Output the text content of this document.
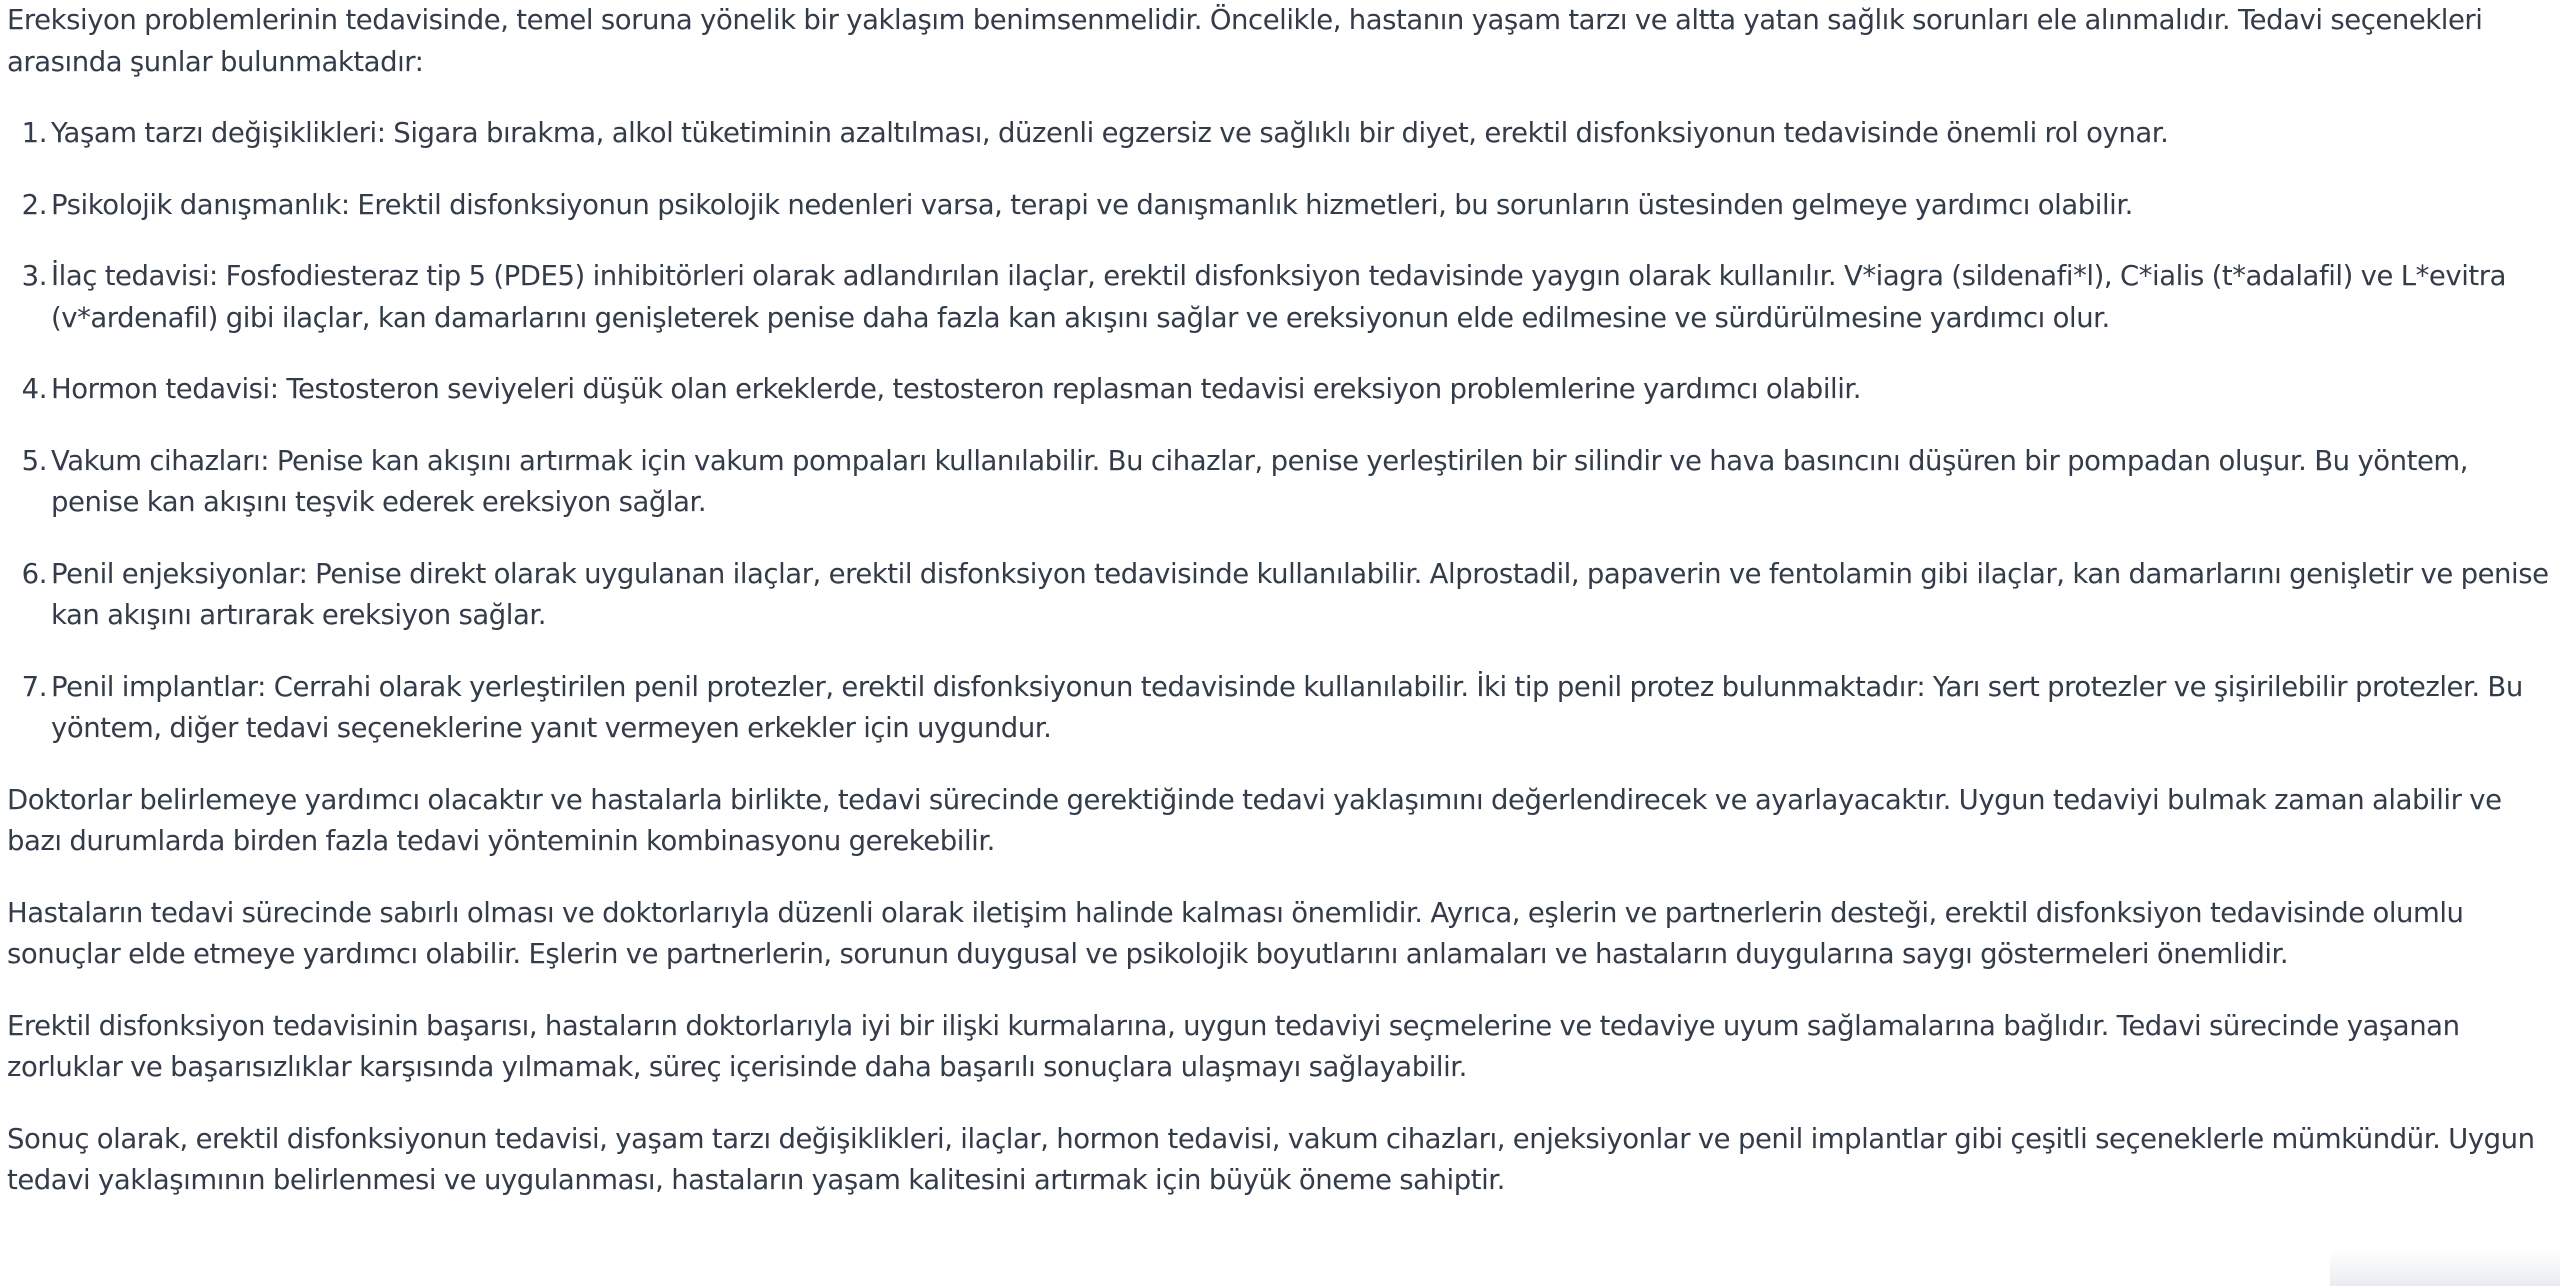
Ereksiyon problemlerinin tedavisinde, temel soruna yönelik bir yaklaşım benimsenmelidir. Öncelikle, hastanın yaşam tarzı ve altta yatan sağlık sorunları ele alınmalıdır. Tedavi seçenekleri arasında şunlar bulunmaktadır:

1 . Yaşam tarzı değişiklikleri: Sigara bırakma, alkol tüketiminin azaltılması, düzenli egzersiz ve sağlıklı bir diyet, erektil disfonksiyonun tedavisinde önemli rol oynar.
2 . Psikolojik danışmanlık: Erektil disfonksiyonun psikolojik nedenleri varsa, terapi ve danışmanlık hizmetleri, bu sorunların üstesinden gelmeye yardımcı olabilir.
3 . İlaç tedavisi: Fosfodiesteraz tip 5 (PDE5) inhibitörleri olarak adlandırılan ilaçlar, erektil disfonksiyon tedavisinde yaygın olarak kullanılır. V*iagra (sildenafi*l), C*ialis (t*adalafil) ve L*evitra (v*ardenafil) gibi ilaçlar, kan damarlarını genişleterek penise daha fazla kan akışını sağlar ve ereksiyonun elde edilmesine ve sürdürülmesine yardımcı olur.
4 . Hormon tedavisi: Testosteron seviyeleri düşük olan erkeklerde, testosteron replasman tedavisi ereksiyon problemlerine yardımcı olabilir.
5 . Vakum cihazları: Penise kan akışını artırmak için vakum pompaları kullanılabilir. Bu cihazlar, penise yerleştirilen bir silindir ve hava basıncını düşüren bir pompadan oluşur. Bu yöntem, penise kan akışını teşvik ederek ereksiyon sağlar.
6 . Penil enjeksiyonlar: Penise direkt olarak uygulanan ilaçlar, erektil disfonksiyon tedavisinde kullanılabilir. Alprostadil, papaverin ve fentolamin gibi ilaçlar, kan damarlarını genişletir ve penise kan akışını artırarak ereksiyon sağlar.
7 . Penil implantlar: Cerrahi olarak yerleştirilen penil protezler, erektil disfonksiyonun tedavisinde kullanılabilir. İki tip penil protez bulunmaktadır: Yarı sert protezler ve şişirilebilir protezler. Bu yöntem, diğer tedavi seçeneklerine yanıt vermeyen erkekler için uygundur.

Doktorlar belirlemeye yardımcı olacaktır ve hastalarla birlikte, tedavi sürecinde gerektiğinde tedavi yaklaşımını değerlendirecek ve ayarlayacaktır. Uygun tedaviyi bulmak zaman alabilir ve bazı durumlarda birden fazla tedavi yönteminin kombinasyonu gerekebilir.

Hastaların tedavi sürecinde sabırlı olması ve doktorlarıyla düzenli olarak iletişim halinde kalması önemlidir. Ayrıca, eşlerin ve partnerlerin desteği, erektil disfonksiyon tedavisinde olumlu sonuçlar elde etmeye yardımcı olabilir. Eşlerin ve partnerlerin, sorunun duygusal ve psikolojik boyutlarını anlamaları ve hastaların duygularına saygı göstermeleri önemlidir.

Erektil disfonksiyon tedavisinin başarısı, hastaların doktorlarıyla iyi bir ilişki kurmalarına, uygun tedaviyi seçmelerine ve tedaviye uyum sağlamalarına bağlıdır. Tedavi sürecinde yaşanan zorluklar ve başarısızlıklar karşısında yılmamak, süreç içerisinde daha başarılı sonuçlara ulaşmayı sağlayabilir.

Sonuç olarak, erektil disfonksiyonun tedavisi, yaşam tarzı değişiklikleri, ilaçlar, hormon tedavisi, vakum cihazları, enjeksiyonlar ve penil implantlar gibi çeşitli seçeneklerle mümkündür. Uygun tedavi yaklaşımının belirlenmesi ve uygulanması, hastaların yaşam kalitesini artırmak için büyük öneme sahiptir.
